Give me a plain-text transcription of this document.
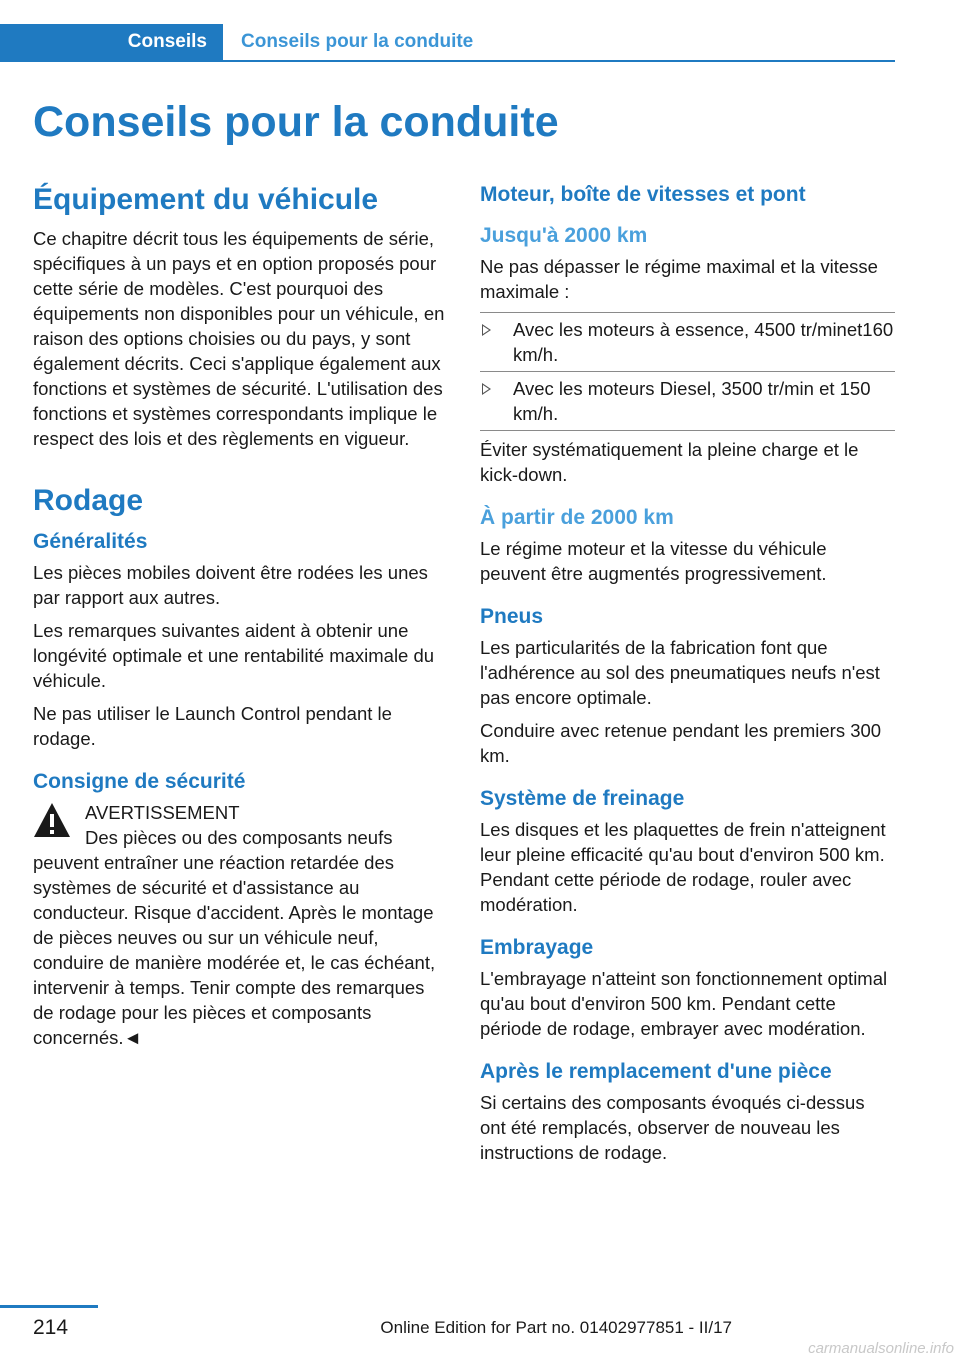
Conseils	Conseils pour la conduite
Conseils pour la conduite
Équipement du véhicule

Ce chapitre décrit tous les équipements de série, spécifiques à un pays et en option proposés pour cette série de modèles. C'est pourquoi des équipements non disponibles pour un véhicule, en raison des options choisies ou du pays, y sont également décrits. Ceci s'applique également aux fonctions et systèmes de sécurité. L'utilisation des fonctions et systèmes correspondants implique le respect des lois et des règlements en vigueur.

Rodage
Généralités

Les pièces mobiles doivent être rodées les unes par rapport aux autres.

Les remarques suivantes aident à obtenir une longévité optimale et une rentabilité maximale du véhicule.

Ne pas utiliser le Launch Control pendant le rodage.

Consigne de sécurité

AVERTISSEMENT

Des pièces ou des composants neufs

peuvent entraîner une réaction retardée des systèmes de sécurité et d'assistance au conducteur. Risque d'accident. Après le montage de pièces neuves ou sur un véhicule neuf, conduire de manière modérée et, le cas échéant, intervenir à temps. Tenir compte des remarques de rodage pour les pièces et composants concernés.◄

Moteur, boîte de vitesses et pont
Jusqu'à 2000 km

Ne pas dépasser le régime maximal et la vitesse maximale :

Avec les moteurs à essence, 4500 tr/minet160 km/h.
Avec les moteurs Diesel, 3500 tr/min et 150 km/h.

Éviter systématiquement la pleine charge et le kick-down.

À partir de 2000 km

Le régime moteur et la vitesse du véhicule peuvent être augmentés progressivement.

Pneus

Les particularités de la fabrication font que l'adhérence au sol des pneumatiques neufs n'est pas encore optimale.

Conduire avec retenue pendant les premiers 300 km.

Système de freinage

Les disques et les plaquettes de frein n'atteignent leur pleine efficacité qu'au bout d'environ 500 km. Pendant cette période de rodage, rouler avec modération.

Embrayage

L'embrayage n'atteint son fonctionnement optimal qu'au bout d'environ 500 km. Pendant cette période de rodage, embrayer avec modération.

Après le remplacement d'une pièce

Si certains des composants évoqués ci-dessus ont été remplacés, observer de nouveau les instructions de rodage.

214	Online Edition for Part no. 01402977851 - II/17
carmanualsonline.info
